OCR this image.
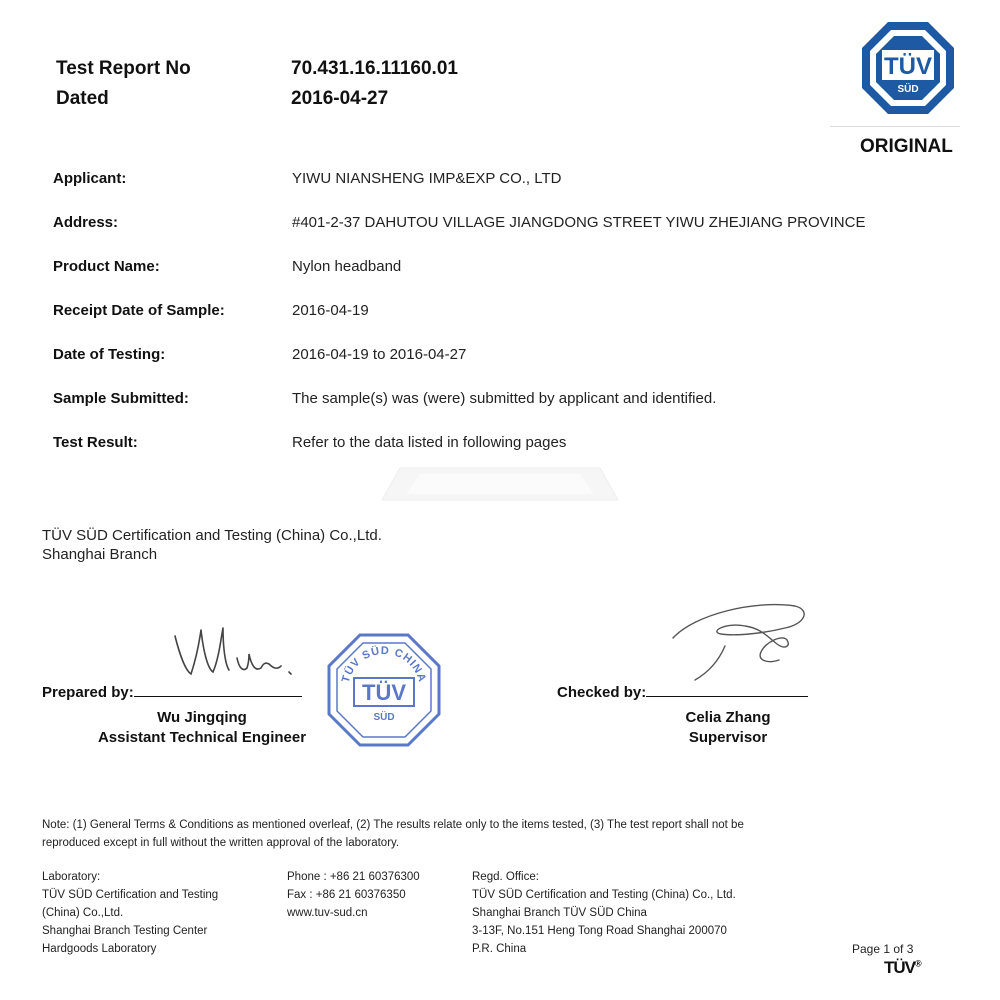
Test Report No	70.431.16.11160.01
Dated	2016-04-27
TÜV
SÜD
ORIGINAL
Applicant:	YIWU NIANSHENG IMP&EXP CO., LTD
Address:	#401-2-37 DAHUTOU VILLAGE JIANGDONG STREET YIWU ZHEJIANG PROVINCE
Product Name:	Nylon headband
Receipt Date of Sample:	2016-04-19
Date of Testing:	2016-04-19 to 2016-04-27
Sample Submitted:	The sample(s) was (were) submitted by applicant and identified.
Test Result:	Refer to the data listed in following pages
TÜV SÜD Certification and Testing (China) Co.,Ltd.
Shanghai Branch
Prepared by:
Wu Jingqing
Assistant Technical Engineer
TÜV SÜD CHINA
TÜV
SÜD
Checked by:
Celia Zhang
Supervisor
Note: (1) General Terms & Conditions as mentioned overleaf, (2) The results relate only to the items tested, (3) The test report shall not be
reproduced except in full without the written approval of the laboratory.
Laboratory:
TÜV SÜD Certification and Testing
(China) Co.,Ltd.
Shanghai Branch Testing Center
Hardgoods Laboratory
Phone : +86 21 60376300
Fax : +86 21 60376350
www.tuv-sud.cn
Regd. Office:
TÜV SÜD Certification and Testing (China) Co., Ltd.
Shanghai Branch TÜV SÜD China
3-13F, No.151 Heng Tong Road Shanghai 200070
P.R. China	Page 1 of 3
TÜV®
